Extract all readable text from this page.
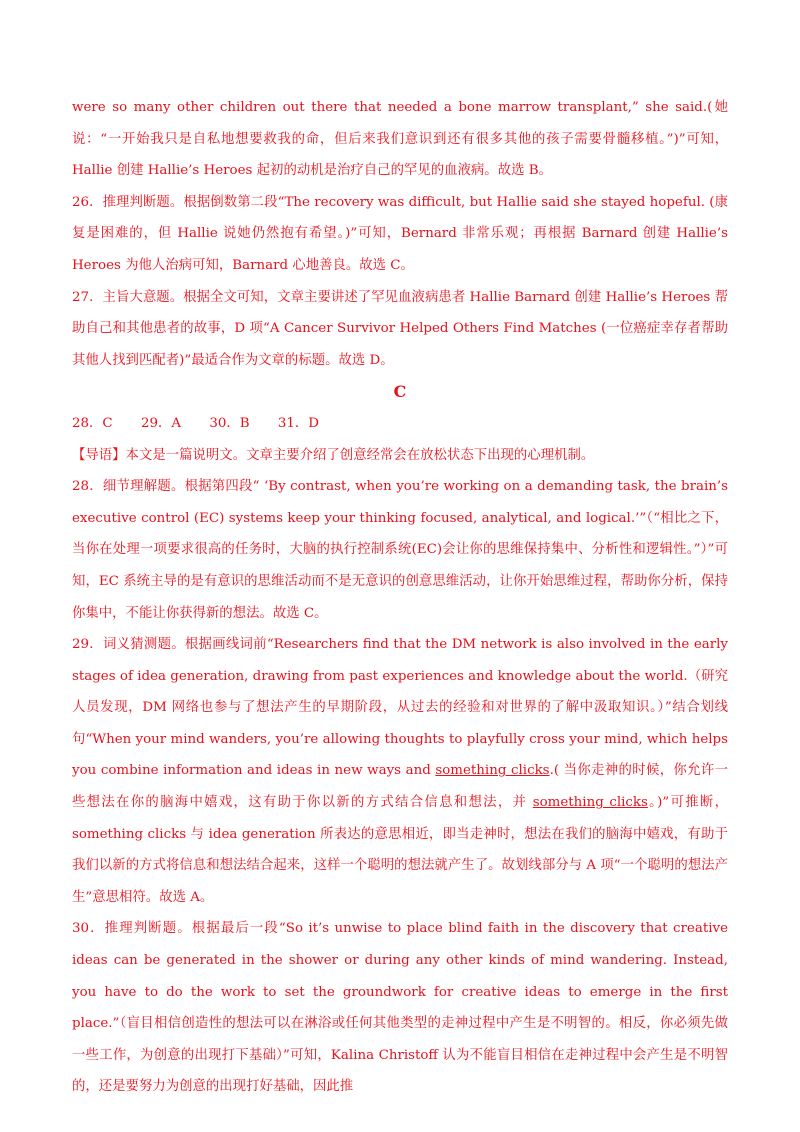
were so many other children out there that needed a bone marrow transplant,” she said.(她说：“一开始我只是自私地想要救我的命，但后来我们意识到还有很多其他的孩子需要骨髓移植。”)”可知，Hallie 创建 Hallie’s Heroes 起初的动机是治疗自己的罕见的血液病。故选 B。

26．推理判断题。根据倒数第二段“The recovery was difficult, but Hallie said she stayed hopeful. (康复是困难的，但 Hallie 说她仍然抱有希望。)”可知，Bernard 非常乐观；再根据 Barnard 创建 Hallie’s Heroes 为他人治病可知，Barnard 心地善良。故选 C。

27．主旨大意题。根据全文可知，文章主要讲述了罕见血液病患者 Hallie Barnard 创建 Hallie’s Heroes 帮助自己和其他患者的故事，D 项“A Cancer Survivor Helped Others Find Matches (一位癌症幸存者帮助其他人找到匹配者)”最适合作为文章的标题。故选 D。

C

28．C 29．A 30．B 31．D

【导语】本文是一篇说明文。文章主要介绍了创意经常会在放松状态下出现的心理机制。

28．细节理解题。根据第四段“ ‘By contrast, when you’re working on a demanding task, the brain’s executive control (EC) systems keep your thinking focused, analytical, and logical.’”（“相比之下，当你在处理一项要求很高的任务时，大脑的执行控制系统(EC)会让你的思维保持集中、分析性和逻辑性。”）”可知，EC 系统主导的是有意识的思维活动而不是无意识的创意思维活动，让你开始思维过程，帮助你分析，保持你集中，不能让你获得新的想法。故选 C。

29．词义猜测题。根据画线词前“Researchers find that the DM network is also involved in the early stages of idea generation, drawing from past experiences and knowledge about the world.（研究人员发现，DM 网络也参与了想法产生的早期阶段，从过去的经验和对世界的了解中汲取知识。）”结合划线句“When your mind wanders, you’re allowing thoughts to playfully cross your mind, which helps you combine information and ideas in new ways and something clicks.( 当你走神的时候，你允许一些想法在你的脑海中嬉戏，这有助于你以新的方式结合信息和想法，并 something clicks。)”可推断，something clicks 与 idea generation 所表达的意思相近，即当走神时，想法在我们的脑海中嬉戏，有助于我们以新的方式将信息和想法结合起来，这样一个聪明的想法就产生了。故划线部分与 A 项“一个聪明的想法产生”意思相符。故选 A。

30．推理判断题。根据最后一段“So it’s unwise to place blind faith in the discovery that creative ideas can be generated in the shower or during any other kinds of mind wandering. Instead, you have to do the work to set the groundwork for creative ideas to emerge in the first place.”（盲目相信创造性的想法可以在淋浴或任何其他类型的走神过程中产生是不明智的。相反，你必须先做一些工作，为创意的出现打下基础）”可知，Kalina Christoff 认为不能盲目相信在走神过程中会产生是不明智的，还是要努力为创意的出现打好基础，因此推
